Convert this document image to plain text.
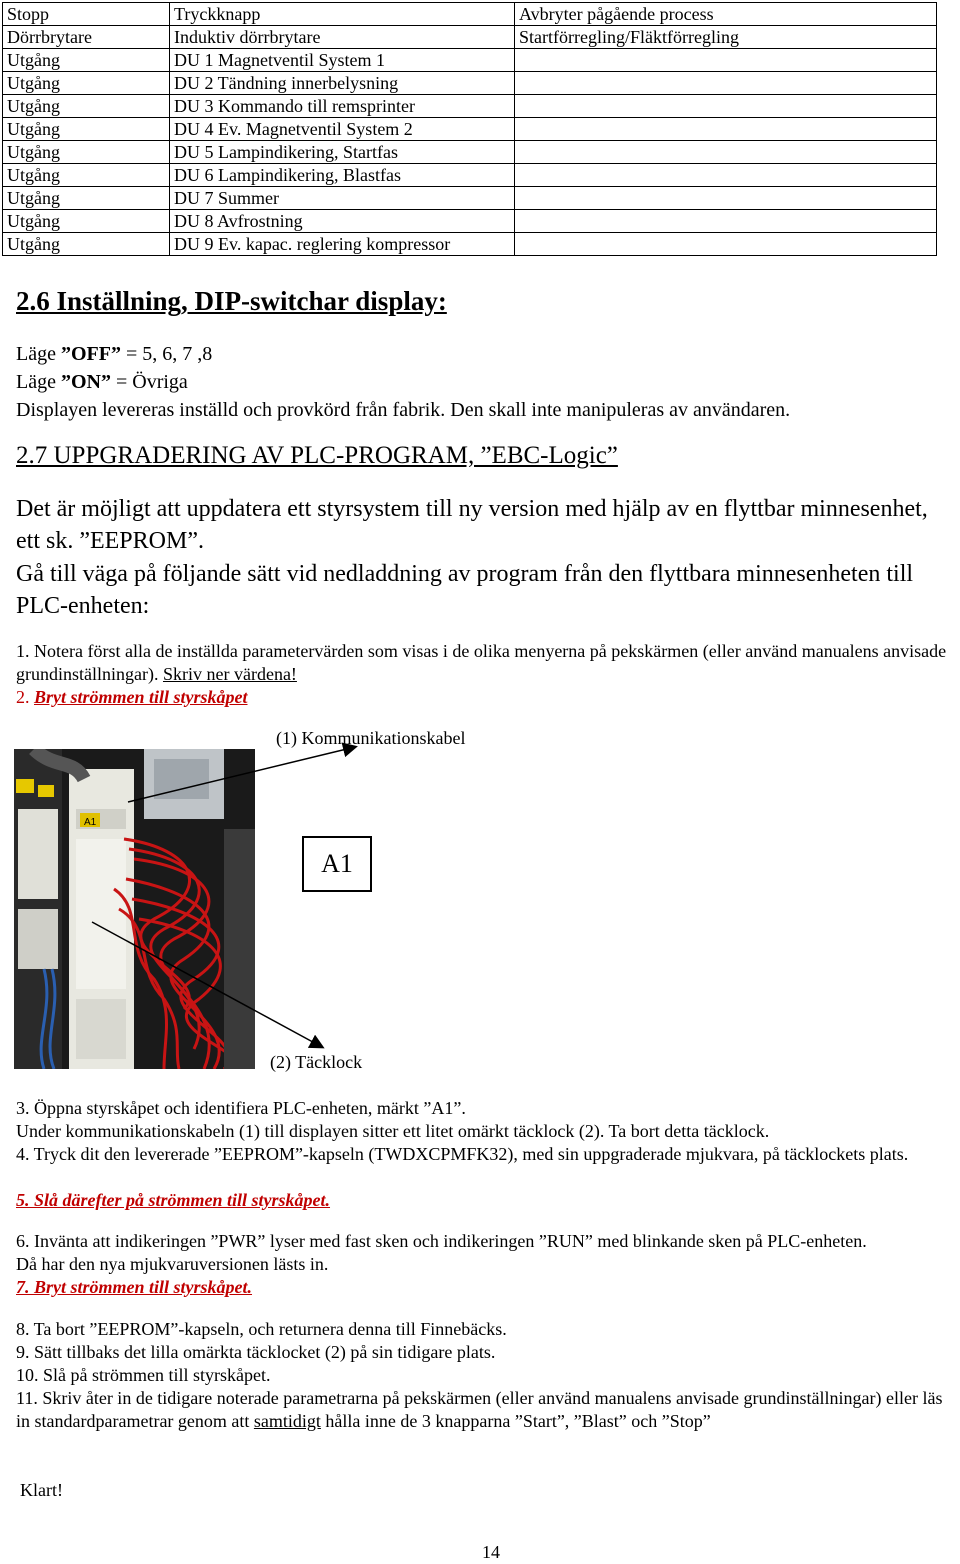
Stopp	Tryckknapp	Avbryter pågående process
Dörrbrytare	Induktiv dörrbrytare	Startförregling/Fläktförregling
Utgång	DU 1 Magnetventil System 1	
Utgång	DU 2 Tändning innerbelysning	
Utgång	DU 3 Kommando till remsprinter	
Utgång	DU 4 Ev. Magnetventil System 2	
Utgång	DU 5 Lampindikering, Startfas	
Utgång	DU 6 Lampindikering, Blastfas	
Utgång	DU 7 Summer	
Utgång	DU 8 Avfrostning	
Utgång	DU 9 Ev. kapac. reglering kompressor	
2.6 Inställning, DIP-switchar display:
Läge ”OFF” = 5, 6, 7 ,8
Läge ”ON” = Övriga
Displayen levereras inställd och provkörd från fabrik. Den skall inte manipuleras av användaren.
2.7 UPPGRADERING AV PLC-PROGRAM, ”EBC-Logic”
Det är möjligt att uppdatera ett styrsystem till ny version med hjälp av en flyttbar minnesenhet, ett sk. ”EEPROM”.
Gå till väga på följande sätt vid nedladdning av program från den flyttbara minnesenheten till PLC-enheten:
1. Notera först alla de inställda parametervärden som visas i de olika menyerna på pekskärmen (eller använd manualens anvisade grundinställningar). Skriv ner värdena!
2. Bryt strömmen till styrskåpet
A1
(1) Kommunikationskabel
A1
(2) Täcklock
3. Öppna styrskåpet och identifiera PLC-enheten, märkt ”A1”.
Under kommunikationskabeln (1) till displayen sitter ett litet omärkt täcklock (2). Ta bort detta täcklock.
4. Tryck dit den levererade ”EEPROM”-kapseln (TWDXCPMFK32), med sin uppgraderade mjukvara, på täcklockets plats.
5. Slå därefter på strömmen till styrskåpet.
6. Invänta att indikeringen ”PWR” lyser med fast sken och indikeringen ”RUN” med blinkande sken på PLC-enheten.
Då har den nya mjukvaruversionen lästs in.
7. Bryt strömmen till styrskåpet.
8. Ta bort ”EEPROM”-kapseln, och returnera denna till Finnebäcks.
9. Sätt tillbaks det lilla omärkta täcklocket (2) på sin tidigare plats.
10. Slå på strömmen till styrskåpet.
11. Skriv åter in de tidigare noterade parametrarna på pekskärmen (eller använd manualens anvisade grundinställningar) eller läs in standardparametrar genom att samtidigt hålla inne de 3 knapparna ”Start”, ”Blast” och ”Stop”
Klart!
14
